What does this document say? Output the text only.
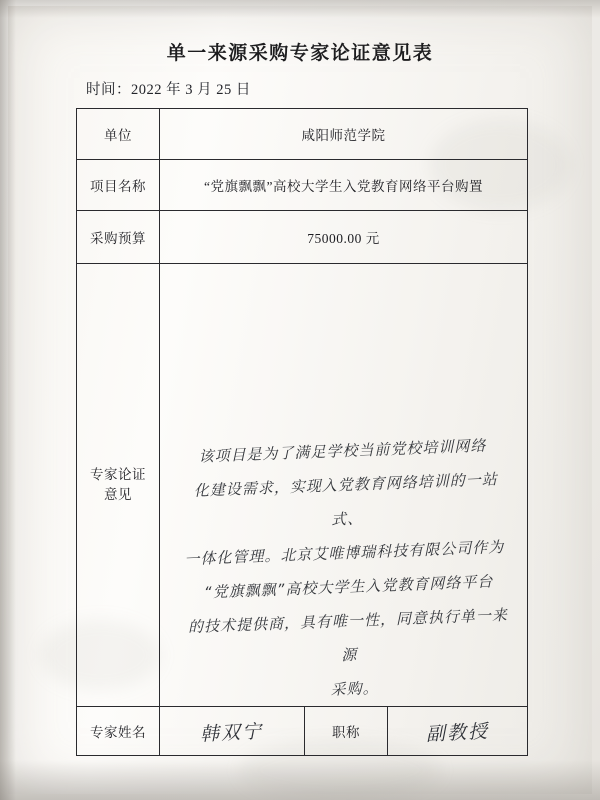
单一来源采购专家论证意见表
时间：2022 年 3 月 25 日
单位	咸阳师范学院
项目名称	“党旗飘飘”高校大学生入党教育网络平台购置
采购预算	75000.00 元

专家论证
意见

该项目是为了满足学校当前党校培训网络
化建设需求，实现入党教育网络培训的一站式、
一体化管理。北京艾唯博瑞科技有限公司作为
“党旗飘飘”高校大学生入党教育网络平台
的技术提供商，具有唯一性，同意执行单一来源
采购。
专家姓名	韩双宁	职称	副教授
